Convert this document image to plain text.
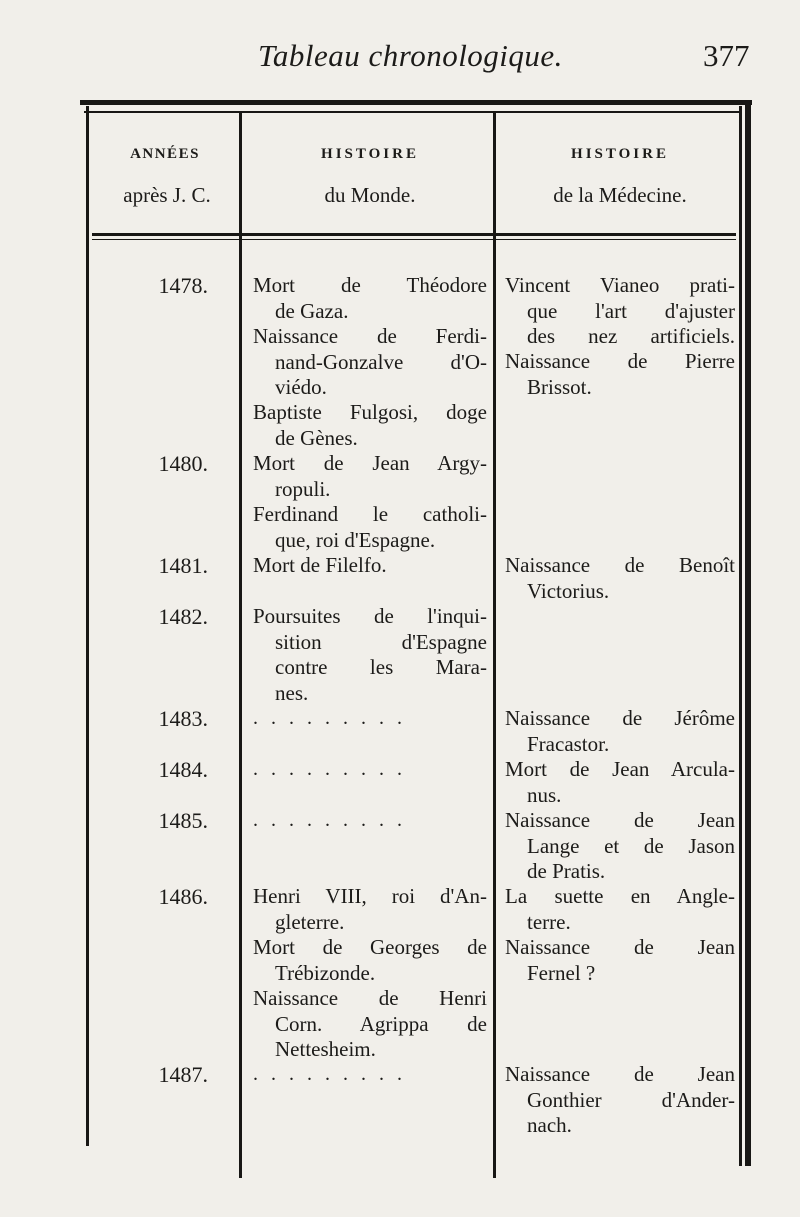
Tableau chronologique.	377
ANNÉES
après J. C.
HISTOIRE
du Monde.
HISTOIRE
de la Médecine.
1478.
1480.
1481.
1482.
1483.
1484.
1485.
1486.
1487.
Mort de Théodore
de Gaza.
Naissance de Ferdi-
nand-Gonzalve d'O-
viédo.
Baptiste Fulgosi, doge
de Gènes.
Mort de Jean Argy-
ropuli.
Ferdinand le catholi-
que, roi d'Espagne.
Mort de Filelfo.
Poursuites de l'inqui-
sition d'Espagne
contre les Mara-
nes.
. . . . . . . . .
. . . . . . . . .
. . . . . . . . .
Henri VIII, roi d'An-
gleterre.
Mort de Georges de
Trébizonde.
Naissance de Henri
Corn. Agrippa de
Nettesheim.
. . . . . . . . .
Vincent Vianeo prati-
que l'art d'ajuster
des nez artificiels.
Naissance de Pierre
Brissot.
Naissance de Benoît
Victorius.
Naissance de Jérôme
Fracastor.
Mort de Jean Arcula-
nus.
Naissance de Jean
Lange et de Jason
de Pratis.
La suette en Angle-
terre.
Naissance de Jean
Fernel ?
Naissance de Jean
Gonthier d'Ander-
nach.
